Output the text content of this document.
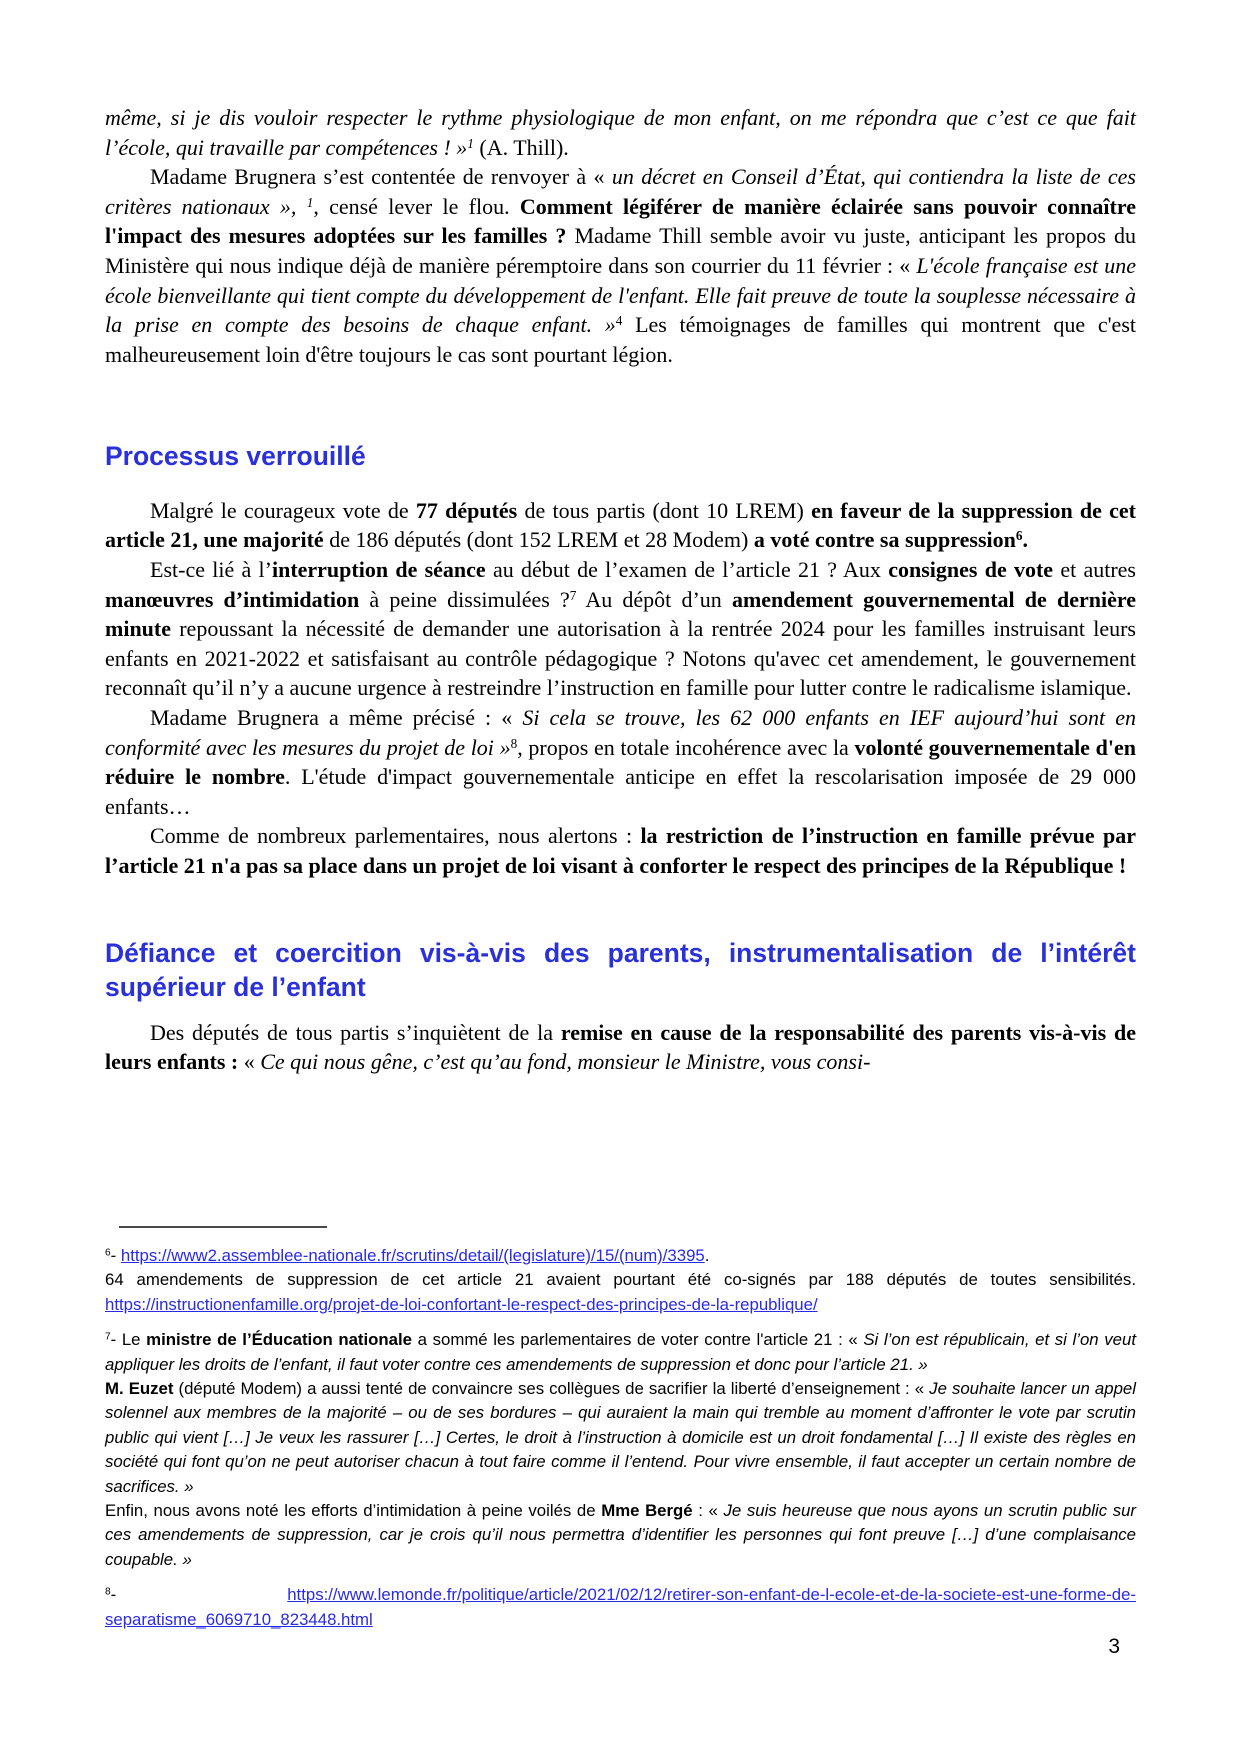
même, si je dis vouloir respecter le rythme physiologique de mon enfant, on me répondra que c’est ce que fait l’école, qui travaille par compétences ! »$^1$ (A. Thill).

Madame Brugnera s’est contentée de renvoyer à « un décret en Conseil d’État, qui contiendra la liste de ces critères nationaux », $^1$, censé lever le flou. Comment légiférer de manière éclairée sans pouvoir connaître l'impact des mesures adoptées sur les familles ? Madame Thill semble avoir vu juste, anticipant les propos du Ministère qui nous indique déjà de manière péremptoire dans son courrier du 11 février : « L'école française est une école bienveillante qui tient compte du développement de l'enfant. Elle fait preuve de toute la souplesse nécessaire à la prise en compte des besoins de chaque enfant. »$^4$ Les témoignages de familles qui montrent que c'est malheureusement loin d'être toujours le cas sont pourtant légion.

Processus verrouillé

Malgré le courageux vote de 77 députés de tous partis (dont 10 LREM) en faveur de la suppression de cet article 21, une majorité de 186 députés (dont 152 LREM et 28 Modem) a voté contre sa suppression$^6$.

Est-ce lié à l’interruption de séance au début de l’examen de l’article 21 ? Aux consignes de vote et autres manœuvres d’intimidation à peine dissimulées ?$^7$ Au dépôt d’un amendement gouvernemental de dernière minute repoussant la nécessité de demander une autorisation à la rentrée 2024 pour les familles instruisant leurs enfants en 2021-2022 et satisfaisant au contrôle pédagogique ? Notons qu'avec cet amendement, le gouvernement reconnaît qu’il n’y a aucune urgence à restreindre l’instruction en famille pour lutter contre le radicalisme islamique.

Madame Brugnera a même précisé : « Si cela se trouve, les 62 000 enfants en IEF aujourd’hui sont en conformité avec les mesures du projet de loi »$^8$, propos en totale incohérence avec la volonté gouvernementale d'en réduire le nombre. L'étude d'impact gouvernementale anticipe en effet la rescolarisation imposée de 29 000 enfants…

Comme de nombreux parlementaires, nous alertons : la restriction de l’instruction en famille prévue par l’article 21 n'a pas sa place dans un projet de loi visant à conforter le respect des principes de la République !

Défiance et coercition vis-à-vis des parents, instrumentalisation de l’intérêt supérieur de l’enfant

Des députés de tous partis s’inquiètent de la remise en cause de la responsabilité des parents vis-à-vis de leurs enfants : « Ce qui nous gêne, c’est qu’au fond, monsieur le Ministre, vous consi-

$^6$- https://www2.assemblee-nationale.fr/scrutins/detail/(legislature)/15/(num)/3395.

64 amendements de suppression de cet article 21 avaient pourtant été co-signés par 188 députés de toutes sensibilités. https://instructionenfamille.org/projet-de-loi-confortant-le-respect-des-principes-de-la-republique/

$^7$- Le ministre de l’Éducation nationale a sommé les parlementaires de voter contre l'article 21 : « Si l’on est républicain, et si l’on veut appliquer les droits de l’enfant, il faut voter contre ces amendements de suppression et donc pour l’article 21. »

M. Euzet (député Modem) a aussi tenté de convaincre ses collègues de sacrifier la liberté d’enseignement : « Je souhaite lancer un appel solennel aux membres de la majorité – ou de ses bordures – qui auraient la main qui tremble au moment d’affronter le vote par scrutin public qui vient […] Je veux les rassurer […] Certes, le droit à l’instruction à domicile est un droit fondamental […] Il existe des règles en société qui font qu’on ne peut autoriser chacun à tout faire comme il l’entend. Pour vivre ensemble, il faut accepter un certain nombre de sacrifices. »

Enfin, nous avons noté les efforts d’intimidation à peine voilés de Mme Bergé : « Je suis heureuse que nous ayons un scrutin public sur ces amendements de suppression, car je crois qu’il nous permettra d’identifier les personnes qui font preuve […] d’une complaisance coupable. »

$^8$- https://www.lemonde.fr/politique/article/2021/02/12/retirer-son-enfant-de-l-ecole-et-de-la-societe-est-une-forme-de-separatisme_6069710_823448.html

3
